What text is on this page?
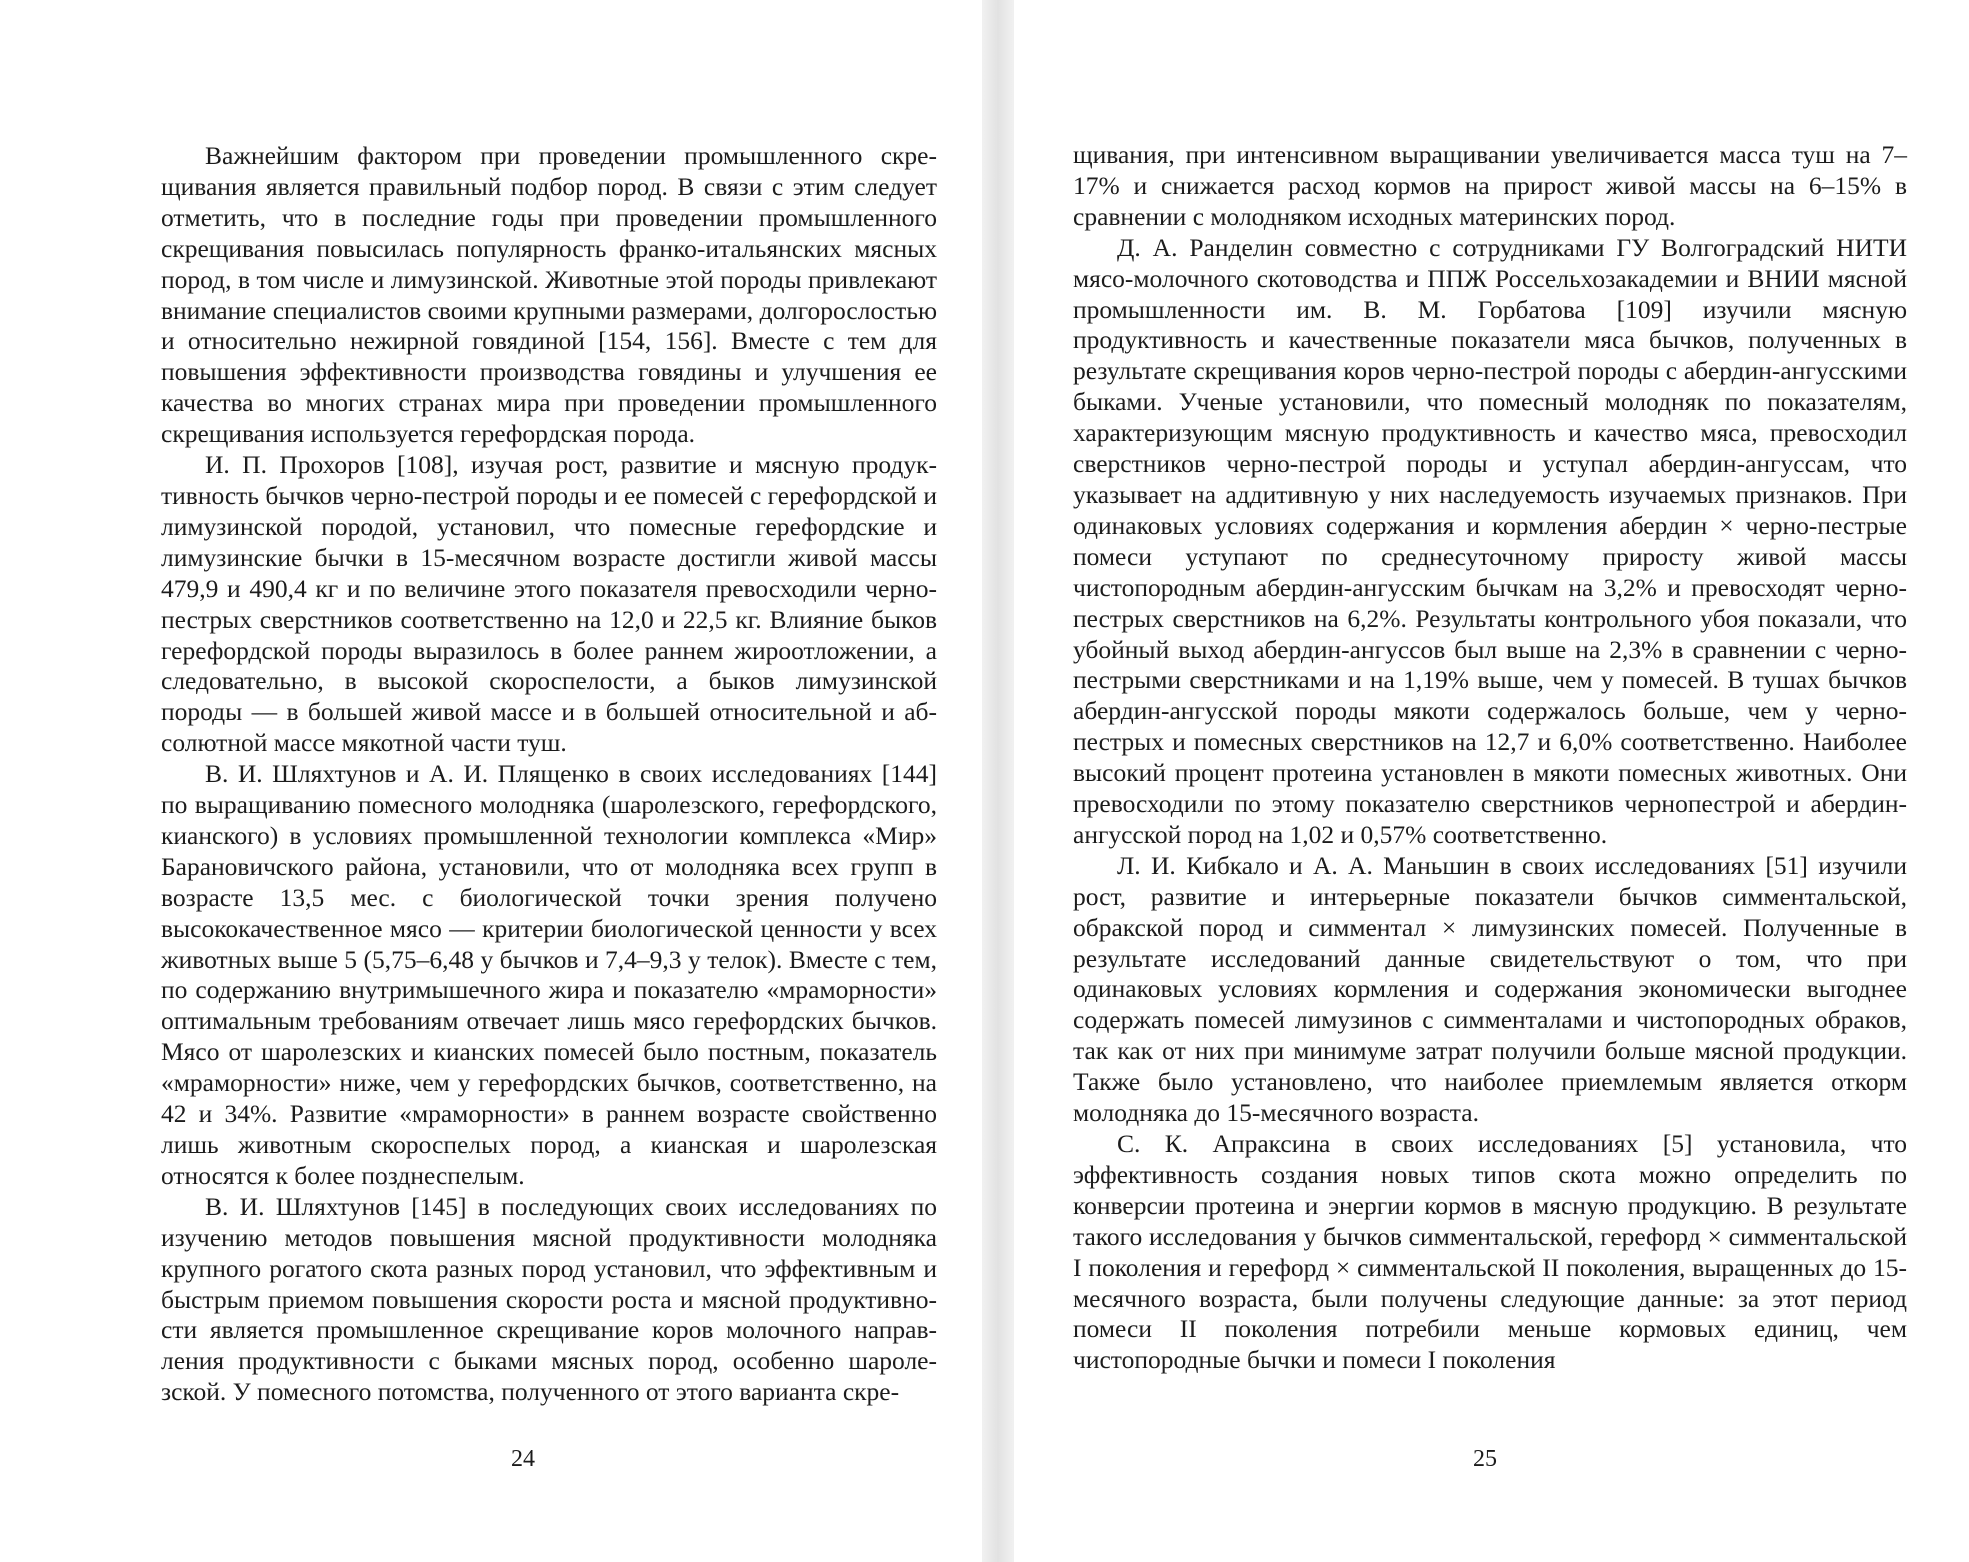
Важнейшим фактором при проведении промышленного скрещивания является правильный подбор пород. В связи с этим следует отметить, что в последние годы при проведении промышленного скрещивания повысилась популярность франко-итальянских мясных пород, в том числе и лимузинской. Животные этой породы привлекают внимание специалистов своими крупными размерами, долгорослостью и относительно нежирной говядиной [154, 156]. Вместе с тем для повышения эффективности производства говядины и улучшения ее качества во многих странах мира при проведении промышленного скрещивания используется герефордская порода.

И. П. Прохоров [108], изучая рост, развитие и мясную продуктивность бычков черно-пестрой породы и ее помесей с герефордской и лимузинской породой, установил, что помесные герефордские и лимузинские бычки в 15-месячном возрасте достигли живой массы 479,9 и 490,4 кг и по величине этого показателя превосходили чернопестрых сверстников соответственно на 12,0 и 22,5 кг. Влияние быков герефордской породы выразилось в более раннем жироотложении, а следовательно, в высокой скороспелости, а быков лимузинской породы — в большей живой массе и в большей относительной и абсолютной массе мякотной части туш.

В. И. Шляхтунов и А. И. Плященко в своих исследованиях [144] по выращиванию помесного молодняка (шаролезского, герефордского, кианского) в условиях промышленной технологии комплекса «Мир» Барановичского района, установили, что от молодняка всех групп в возрасте 13,5 мес. с биологической точки зрения получено высококачественное мясо — критерии биологической ценности у всех животных выше 5 (5,75–6,48 у бычков и 7,4–9,3 у телок). Вместе с тем, по содержанию внутримышечного жира и показателю «мраморности» оптимальным требованиям отвечает лишь мясо герефордских бычков. Мясо от шаролезских и кианских помесей было постным, показатель «мраморности» ниже, чем у герефордских бычков, соответственно, на 42 и 34%. Развитие «мраморности» в раннем возрасте свойственно лишь животным скороспелых пород, а кианская и шаролезская относятся к более позднеспелым.

В. И. Шляхтунов [145] в последующих своих исследованиях по изучению методов повышения мясной продуктивности молодняка крупного рогатого скота разных пород установил, что эффективным и быстрым приемом повышения скорости роста и мясной продуктивности является промышленное скрещивание коров молочного направления продуктивности с быками мясных пород, особенно шаролезской. У помесного потомства, полученного от этого варианта скре-

24

щивания, при интенсивном выращивании увеличивается масса туш на 7–17% и снижается расход кормов на прирост живой массы на 6–15% в сравнении с молодняком исходных материнских пород.

Д. А. Ранделин совместно с сотрудниками ГУ Волгоградский НИТИ мясо-молочного скотоводства и ППЖ Россельхозакадемии и ВНИИ мясной промышленности им. В. М. Горбатова [109] изучили мясную продуктивность и качественные показатели мяса бычков, полученных в результате скрещивания коров черно-пестрой породы с абердин-ангусскими быками. Ученые установили, что помесный молодняк по показателям, характеризующим мясную продуктивность и качество мяса, превосходил сверстников черно-пестрой породы и уступал абердин-ангуссам, что указывает на аддитивную у них наследуемость изучаемых признаков. При одинаковых условиях содержания и кормления абердин × черно-пестрые помеси уступают по среднесуточному приросту живой массы чистопородным абердин-ангусским бычкам на 3,2% и превосходят черно-пестрых сверстников на 6,2%. Результаты контрольного убоя показали, что убойный выход абердин-ангуссов был выше на 2,3% в сравнении с черно-пестрыми сверстниками и на 1,19% выше, чем у помесей. В тушах бычков абердин-ангусской породы мякоти содержалось больше, чем у чернопестрых и помесных сверстников на 12,7 и 6,0% соответственно. Наиболее высокий процент протеина установлен в мякоти помесных животных. Они превосходили по этому показателю сверстников чернопестрой и абердин-ангусской пород на 1,02 и 0,57% соответственно.

Л. И. Кибкало и А. А. Маньшин в своих исследованиях [51] изучили рост, развитие и интерьерные показатели бычков симментальской, обракской пород и симментал × лимузинских помесей. Полученные в результате исследований данные свидетельствуют о том, что при одинаковых условиях кормления и содержания экономически выгоднее содержать помесей лимузинов с симменталами и чистопородных обраков, так как от них при минимуме затрат получили больше мясной продукции. Также было установлено, что наиболее приемлемым является откорм молодняка до 15-месячного возраста.

С. К. Апраксина в своих исследованиях [5] установила, что эффективность создания новых типов скота можно определить по конверсии протеина и энергии кормов в мясную продукцию. В результате такого исследования у бычков симментальской, герефорд × симментальской I поколения и герефорд × симментальской II поколения, выращенных до 15-месячного возраста, были получены следующие данные: за этот период помеси II поколения потребили меньше кормовых единиц, чем чистопородные бычки и помеси I поколения

25
